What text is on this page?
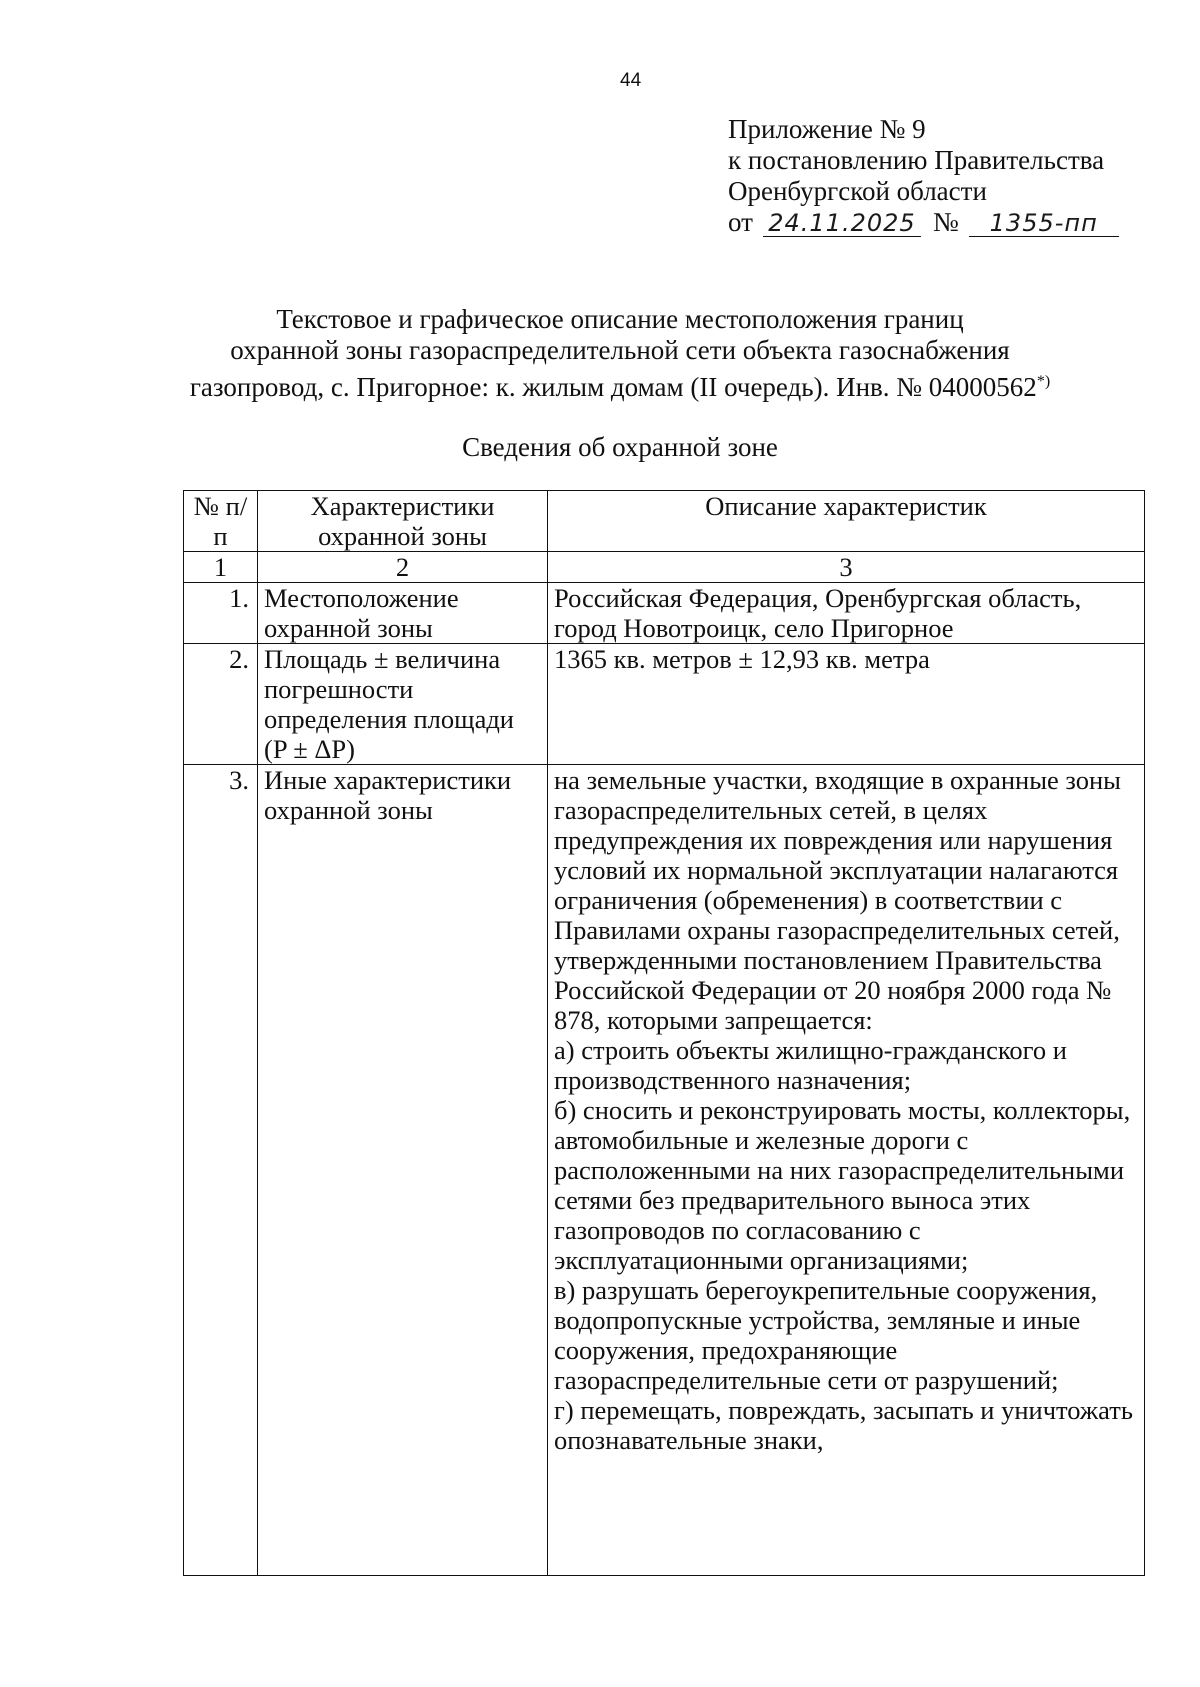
44
Приложение № 9
к постановлению Правительства
Оренбургской области
от 24.11.2025 №	1355-пп
Текстовое и графическое описание местоположения границ
охранной зоны газораспределительной сети объекта газоснабжения
газопровод, с. Пригорное: к. жилым домам (II очередь). Инв. № 04000562*)
Сведения об охранной зоне
№ п/п	Характеристики охранной зоны	Описание характеристик
1	2	3
1.	Местоположение охранной зоны	Российская Федерация, Оренбургская область, город Новотроицк, село Пригорное

2.	Площадь ± величина погрешности определения площади (P ± ΔP)	1365 кв. метров ± 12,93 кв. метра

3.	Иные характеристики охранной зоны	на земельные участки, входящие в охранные зоны газораспределительных сетей, в целях предупреждения их повреждения или нарушения условий их нормальной эксплуатации налагаются ограничения (обременения) в соответствии с Правилами охраны газораспределительных сетей, утвержденными постановлением Правительства Российской Федерации от 20 ноября 2000 года № 878, которыми запрещается:
а) строить объекты жилищно-гражданского и производственного назначения;
б) сносить и реконструировать мосты, коллекторы, автомобильные и железные дороги с расположенными на них газораспределительными сетями без предварительного выноса этих газопроводов по согласованию с эксплуатационными организациями;
в) разрушать берегоукрепительные сооружения, водопропускные устройства, земляные и иные сооружения, предохраняющие газораспределительные сети от разрушений;
г) перемещать, повреждать, засыпать и уничтожать опознавательные знаки,
